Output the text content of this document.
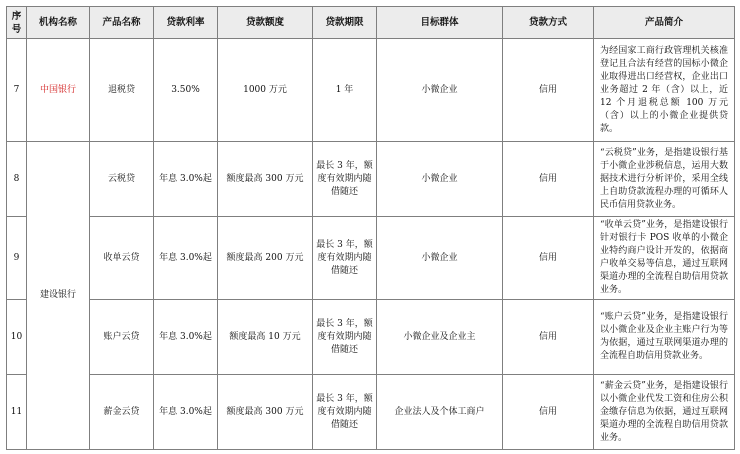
序号	机构名称	产品名称	贷款利率	贷款额度	贷款期限	目标群体	贷款方式	产品简介
7	中国银行	退税贷	3.50%	1000 万元	1 年	小微企业	信用	为经国家工商行政管理机关核准登记且合法有经营的国标小微企业取得进出口经营权，企业出口业务超过 2 年（含）以上，近 12 个月退税总额 100 万元（含）以上的小微企业提供贷款。
8	建设银行	云税贷	年息 3.0%起	额度最高 300 万元	最长 3 年，额度有效期内随借随还	小微企业	信用	“云税贷”业务，是指建设银行基于小微企业涉税信息，运用大数据技术进行分析评价，采用全线上自助贷款流程办理的可循环人民币信用贷款业务。
9		收单云贷	年息 3.0%起	额度最高 200 万元	最长 3 年，额度有效期内随借随还	小微企业	信用	“收单云贷”业务，是指建设银行针对银行卡 POS 收单的小微企业特约商户设计开发的，依据商户收单交易等信息，通过互联网渠道办理的全流程自助信用贷款业务。
10		账户云贷	年息 3.0%起	额度最高 10 万元	最长 3 年，额度有效期内随借随还	小微企业及企业主	信用	“账户云贷”业务，是指建设银行以小微企业及企业主账户行为等为依据，通过互联网渠道办理的全流程自助信用贷款业务。
11		薪金云贷	年息 3.0%起	额度最高 300 万元	最长 3 年，额度有效期内随借随还	企业法人及个体工商户	信用	“薪金云贷”业务，是指建设银行以小微企业代发工资和住房公积金缴存信息为依据，通过互联网渠道办理的全流程自助信用贷款业务。
